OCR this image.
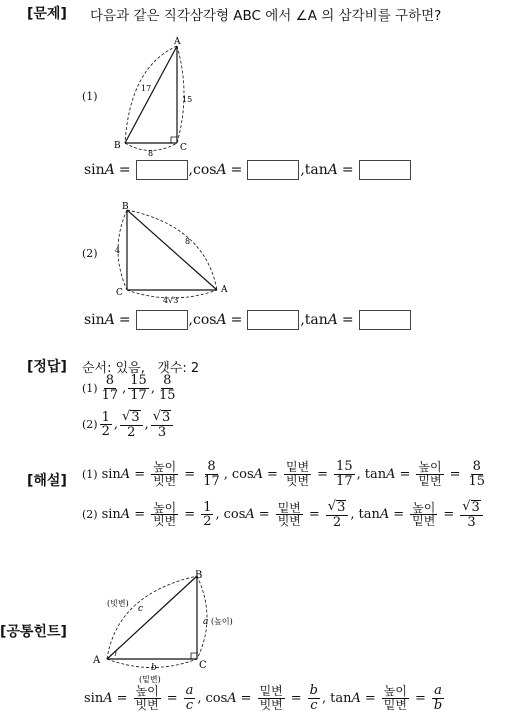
[문제] 다음과 같은 직각삼각형 ABC 에서 ∠A 의 삼각비를 구하면?
(1)
A
B	C
17
15
8
sin A =	, cos A =	, tan A =
(2)
B
C	A
8
4
4√3
sin A =	, cos A =	, tan A =
[정답] 순서: 있음,   갯수: 2
$(1) \frac{8}{17}$ , $\frac{15}{17}$ , $\frac{8}{15}$
$(2) \frac{1}{2}$ , $\frac{√ 3}{2}$ , $\frac{√ 3}{3}$
[해설] (1) $\sin A = \frac{\text{높이}}{\text{빗변}} = \frac{8}{17}$ , $\cos A = \frac{\text{밑변}}{\text{빗변}} = \frac{15}{17}$ , $\tan A = \frac{\text{높이}}{\text{밑변}} = \frac{8}{15}$
(2) $\sin A = \frac{\text{높이}}{\text{빗변}} = \frac{1}{2}$ , $\cos A = \frac{\text{밑변}}{\text{빗변}} = \frac{√ 3}{2}$ , $\tan A = \frac{\text{높이}}{\text{밑변}} = \frac{√ 3}{3}$
[공통힌트]
A
B
C
c
(빗변)
a (높이)
b
(밑변)
$\sin A = \frac{\text{높이}}{\text{빗변}} = \frac{a}{c}$ , $\cos A = \frac{\text{밑변}}{\text{빗변}} = \frac{b}{c}$ , $\tan A = \frac{\text{높이}}{\text{밑변}} = \frac{a}{b}$
